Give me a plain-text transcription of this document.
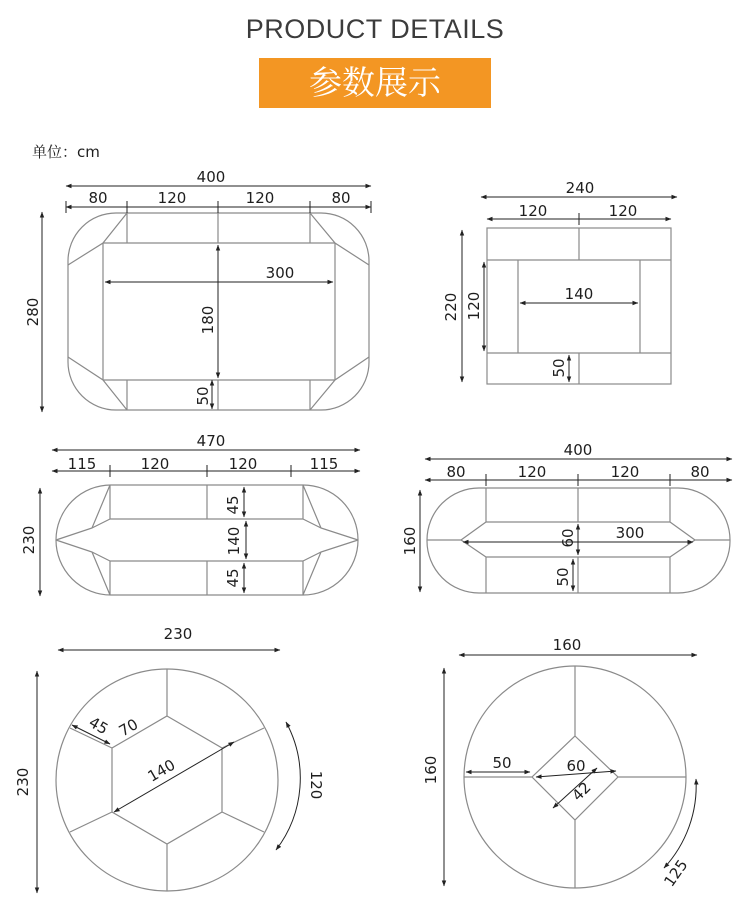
PRODUCT DETAILS
参数展示
单位：cm
400
80	120	120	80
280
300
180
50
240
120	120
220 120	140
50
470
115	120	120	115
230
45
140
45
400
80	120	120	80
160	60	300
50
230
230
45 70
140	120
160
160	50	60
42
125
